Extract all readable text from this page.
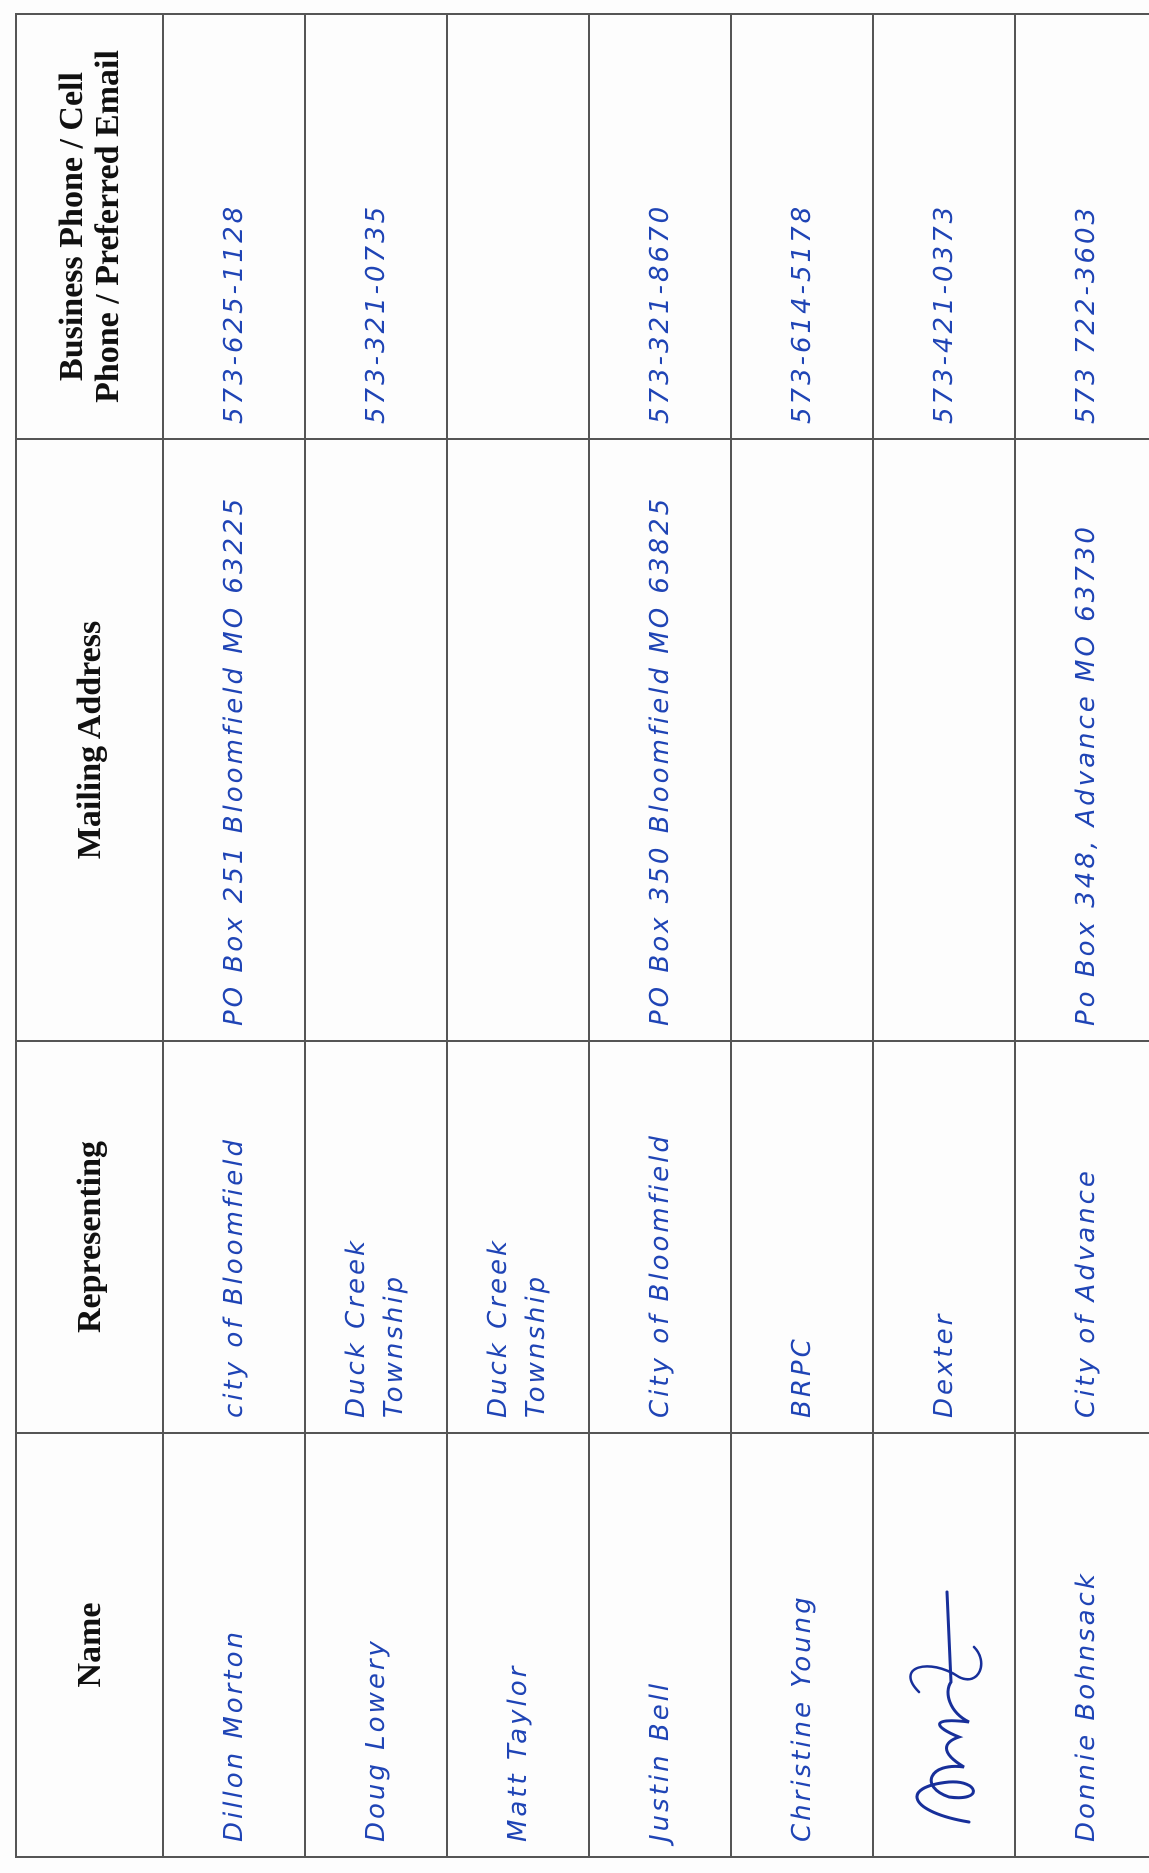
Name	Representing	Mailing Address	Business Phone / Cell
Phone / Preferred Email
Dillon Morton	city of Bloomfield	PO Box 251 Bloomfield MO 63225	573-625-1128
Doug Lowery	Duck Creek Township		573-321-0735
Matt Taylor	Duck Creek Township		
Justin Bell	City of Bloomfield	PO Box 350 Bloomfield MO 63825	573-321-8670
Christine Young	BRPC		573-614-5178
	Dexter		573-421-0373
Donnie Bohnsack	City of Advance	Po Box 348, Advance MO 63730	573 722-3603
